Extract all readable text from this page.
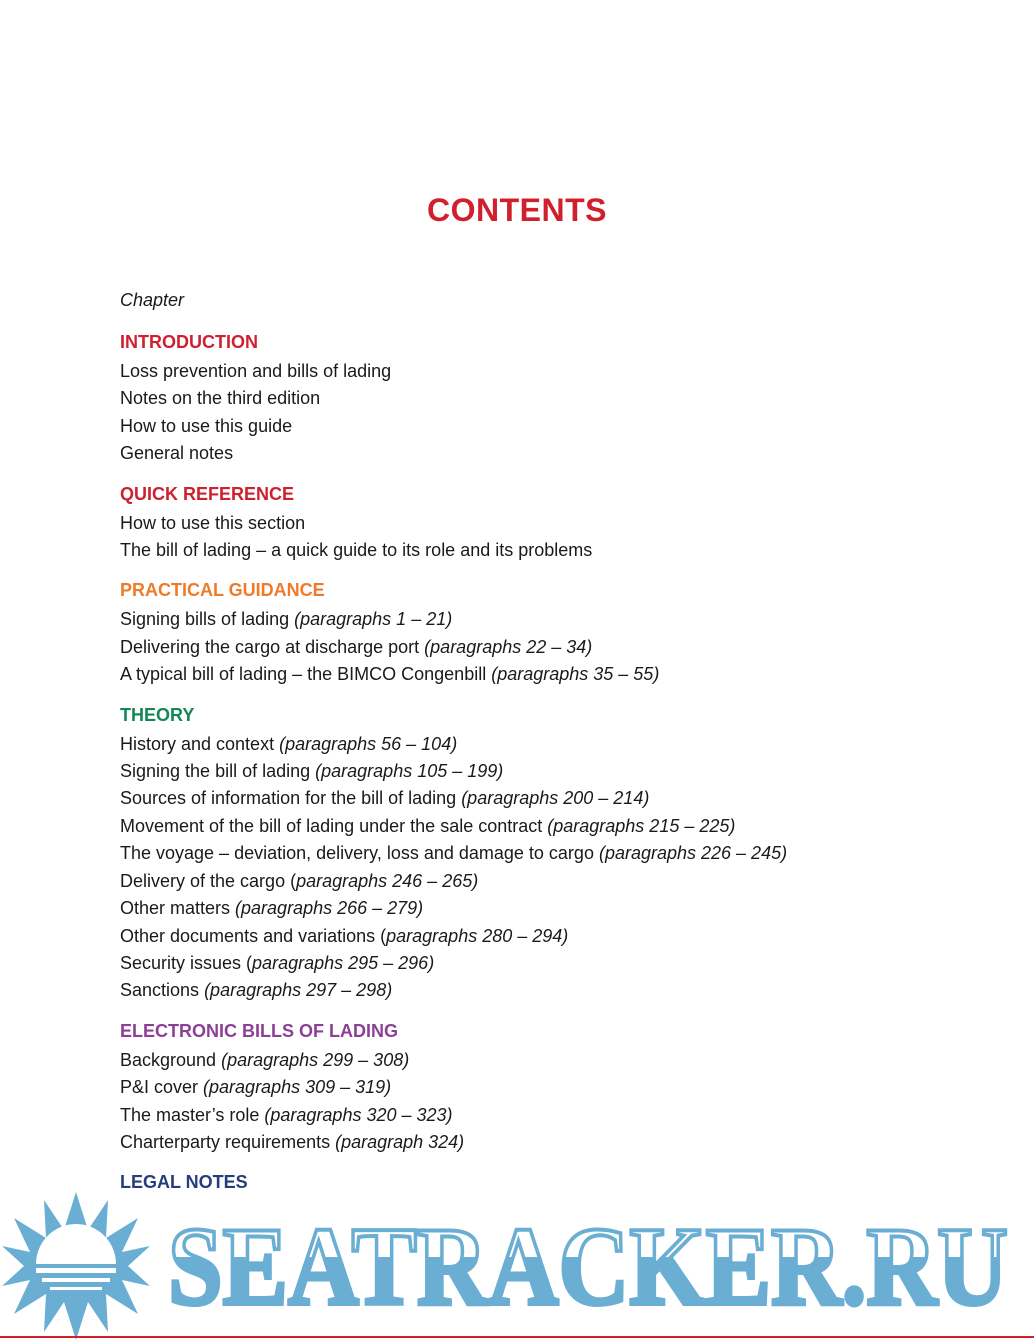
CONTENTS
Chapter
INTRODUCTION
Loss prevention and bills of lading
Notes on the third edition
How to use this guide
General notes
QUICK REFERENCE
How to use this section
The bill of lading – a quick guide to its role and its problems
PRACTICAL GUIDANCE
Signing bills of lading (paragraphs 1 – 21)
Delivering the cargo at discharge port (paragraphs 22 – 34)
A typical bill of lading – the BIMCO Congenbill (paragraphs 35 – 55)
THEORY
History and context (paragraphs 56 – 104)
Signing the bill of lading (paragraphs 105 – 199)
Sources of information for the bill of lading (paragraphs 200 – 214)
Movement of the bill of lading under the sale contract (paragraphs 215 – 225)
The voyage – deviation, delivery, loss and damage to cargo (paragraphs 226 – 245)
Delivery of the cargo (paragraphs 246 – 265)
Other matters (paragraphs 266 – 279)
Other documents and variations (paragraphs 280 – 294)
Security issues (paragraphs 295 – 296)
Sanctions (paragraphs 297 – 298)
ELECTRONIC BILLS OF LADING
Background (paragraphs 299 – 308)
P&I cover (paragraphs 309 – 319)
The master’s role (paragraphs 320 – 323)
Charterparty requirements (paragraph 324)
LEGAL NOTES
SEATRACKER.RU
